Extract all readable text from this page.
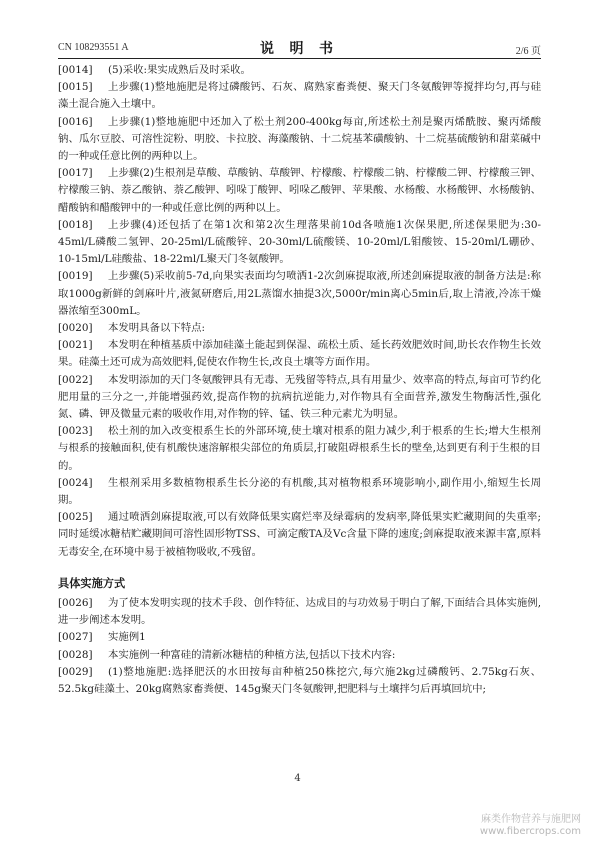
CN 108293551 A	说 明 书	2/6 页
[0014]	(5)采收:果实成熟后及时采收。
[0015]	上步骤(1)整地施肥是将过磷酸钙、石灰、腐熟家畜粪便、聚天门冬氨酸钾等搅拌均匀,再与硅藻土混合施入土壤中。
[0016]	上步骤(1)整地施肥中还加入了松土剂200-400kg每亩,所述松土剂是聚丙烯酰胺、聚丙烯酸钠、瓜尔豆胶、可溶性淀粉、明胶、卡拉胶、海藻酸钠、十二烷基苯磺酸钠、十二烷基硫酸钠和甜菜碱中的一种或任意比例的两种以上。
[0017]	上步骤(2)生根剂是草酸、草酸钠、草酸钾、柠檬酸、柠檬酸二钠、柠檬酸二钾、柠檬酸三钾、柠檬酸三钠、萘乙酸钠、萘乙酸钾、吲哚丁酸钾、吲哚乙酸钾、苹果酸、水杨酸、水杨酸钾、水杨酸钠、醋酸钠和醋酸钾中的一种或任意比例的两种以上。
[0018]	上步骤(4)还包括了在第1次和第2次生理落果前10d各喷施1次保果肥,所述保果肥为:30-45ml/L磷酸二氢钾、20-25ml/L硫酸锌、20-30ml/L硫酸镁、10-20ml/L钼酸铵、15-20ml/L硼砂、10-15ml/L硅酸盐、18-22ml/L聚天门冬氨酸钾。
[0019]	上步骤(5)采收前5-7d,向果实表面均匀喷洒1-2次剑麻提取液,所述剑麻提取液的制备方法是:称取1000g新鲜的剑麻叶片,液氮研磨后,用2L蒸馏水抽提3次,5000r/min离心5min后,取上清液,冷冻干燥器浓缩至300mL。
[0020]	本发明具备以下特点:
[0021]	本发明在种植基质中添加硅藻土能起到保湿、疏松土质、延长药效肥效时间,助长农作物生长效果。硅藻土还可成为高效肥料,促使农作物生长,改良土壤等方面作用。
[0022]	本发明添加的天门冬氨酸钾具有无毒、无残留等特点,具有用量少、效率高的特点,每亩可节约化肥用量的三分之一,并能增强药效,提高作物的抗病抗逆能力,对作物具有全面营养,激发生物酶活性,强化氮、磷、钾及微量元素的吸收作用,对作物的锌、锰、铁三种元素尤为明显。
[0023]	松土剂的加入改变根系生长的外部环境,使土壤对根系的阻力减少,利于根系的生长;增大生根剂与根系的接触面积,使有机酸快速溶解根尖部位的角质层,打破阻碍根系生长的壁垒,达到更有利于生根的目的。
[0024]	生根剂采用多数植物根系生长分泌的有机酸,其对植物根系环境影响小,副作用小,缩短生长周期。
[0025]	通过喷洒剑麻提取液,可以有效降低果实腐烂率及绿霉病的发病率,降低果实贮藏期间的失重率;同时延缓冰糖桔贮藏期间可溶性固形物TSS、可滴定酸TA及Vc含量下降的速度;剑麻提取液来源丰富,原料无毒安全,在环境中易于被植物吸收,不残留。
具体实施方式
[0026]	为了使本发明实现的技术手段、创作特征、达成目的与功效易于明白了解,下面结合具体实施例,进一步阐述本发明。
[0027]	实施例1
[0028]	本实施例一种富硅的清新冰糖桔的种植方法,包括以下技术内容:
[0029]	(1)整地施肥:选择肥沃的水田按每亩种植250株挖穴,每穴施2kg过磷酸钙、2.75kg石灰、52.5kg硅藻土、20kg腐熟家畜粪便、145g聚天门冬氨酸钾,把肥料与土壤拌匀后再填回坑中;
4
麻类作物营养与施肥网
www.fibercrops.com
